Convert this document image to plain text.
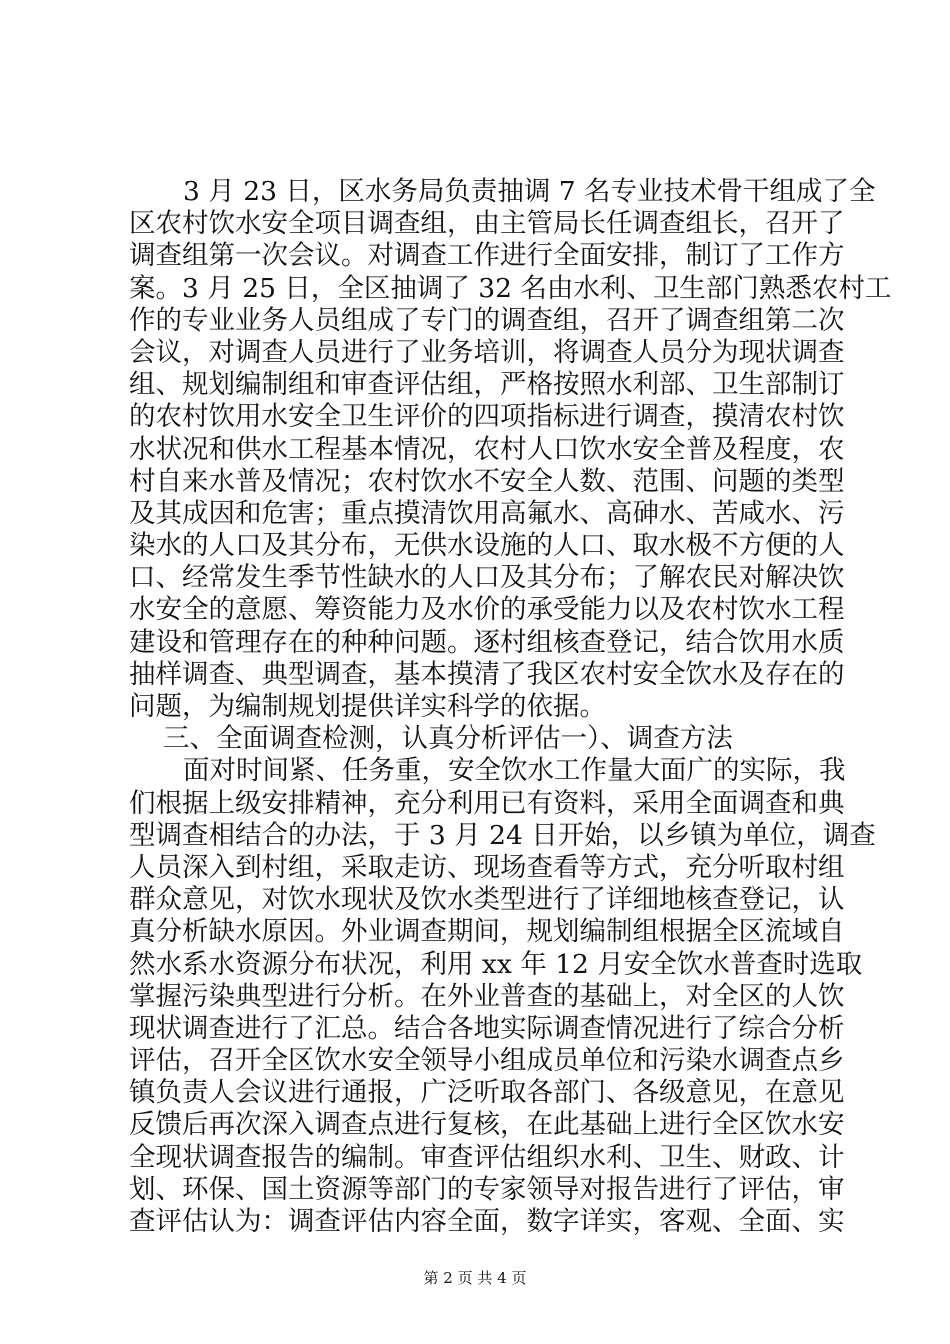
3 月 23 日，区水务局负责抽调 7 名专业技术骨干组成了全
区农村饮水安全项目调查组，由主管局长任调查组长，召开了
调查组第一次会议。对调查工作进行全面安排，制订了工作方
案。3 月 25 日，全区抽调了 32 名由水利、卫生部门熟悉农村工
作的专业业务人员组成了专门的调查组，召开了调查组第二次
会议，对调查人员进行了业务培训，将调查人员分为现状调查
组、规划编制组和审查评估组，严格按照水利部、卫生部制订
的农村饮用水安全卫生评价的四项指标进行调查，摸清农村饮
水状况和供水工程基本情况，农村人口饮水安全普及程度，农
村自来水普及情况；农村饮水不安全人数、范围、问题的类型
及其成因和危害；重点摸清饮用高氟水、高砷水、苦咸水、污
染水的人口及其分布，无供水设施的人口、取水极不方便的人
口、经常发生季节性缺水的人口及其分布；了解农民对解决饮
水安全的意愿、筹资能力及水价的承受能力以及农村饮水工程
建设和管理存在的种种问题。逐村组核查登记，结合饮用水质
抽样调查、典型调查，基本摸清了我区农村安全饮水及存在的
问题，为编制规划提供详实科学的依据。
三、全面调查检测，认真分析评估一）、调查方法
面对时间紧、任务重，安全饮水工作量大面广的实际，我
们根据上级安排精神，充分利用已有资料，采用全面调查和典
型调查相结合的办法，于 3 月 24 日开始，以乡镇为单位，调查
人员深入到村组，采取走访、现场查看等方式，充分听取村组
群众意见，对饮水现状及饮水类型进行了详细地核查登记，认
真分析缺水原因。外业调查期间，规划编制组根据全区流域自
然水系水资源分布状况，利用 xx 年 12 月安全饮水普查时选取
掌握污染典型进行分析。在外业普查的基础上，对全区的人饮
现状调查进行了汇总。结合各地实际调查情况进行了综合分析
评估，召开全区饮水安全领导小组成员单位和污染水调查点乡
镇负责人会议进行通报，广泛听取各部门、各级意见，在意见
反馈后再次深入调查点进行复核，在此基础上进行全区饮水安
全现状调查报告的编制。审查评估组织水利、卫生、财政、计
划、环保、国土资源等部门的专家领导对报告进行了评估，审
查评估认为：调查评估内容全面，数字详实，客观、全面、实
第 2 页 共 4 页
